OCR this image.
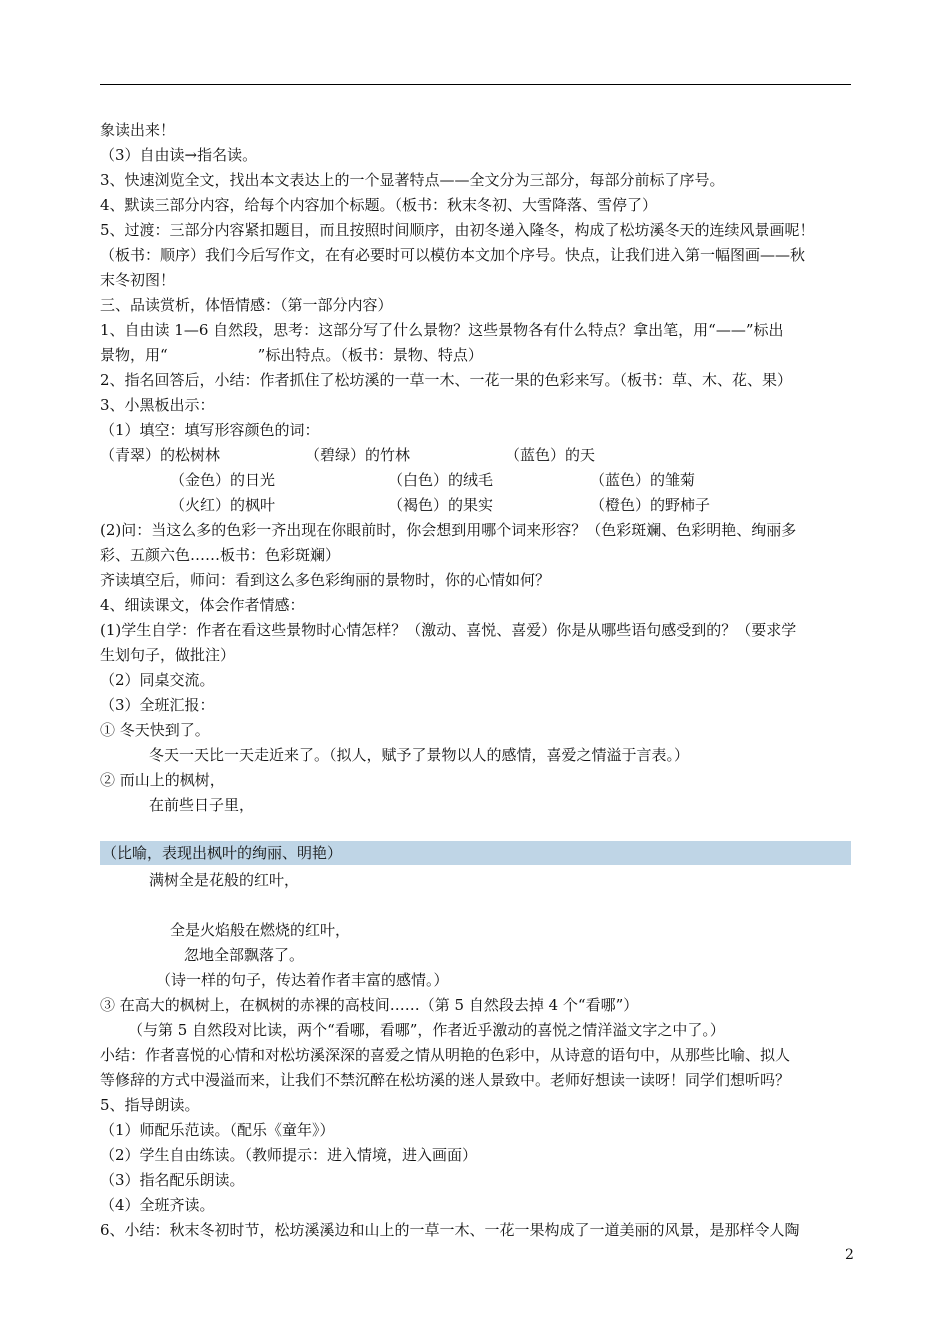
象读出来！
（3）自由读→指名读。
3、快速浏览全文，找出本文表达上的一个显著特点——全文分为三部分，每部分前标了序号。
4、默读三部分内容，给每个内容加个标题。（板书：秋末冬初、大雪降落、雪停了）
5、过渡：三部分内容紧扣题目，而且按照时间顺序，由初冬递入隆冬，构成了松坊溪冬天的连续风景画呢！
（板书：顺序）我们今后写作文，在有必要时可以模仿本文加个序号。快点，让我们进入第一幅图画——秋
末冬初图！
三、品读赏析，体悟情感：（第一部分内容）
1、自由读 1—6 自然段，思考：这部分写了什么景物？这些景物各有什么特点？拿出笔，用“——”标出
景物，用“　　　　　　”标出特点。（板书：景物、特点）
2、指名回答后，小结：作者抓住了松坊溪的一草一木、一花一果的色彩来写。（板书：草、木、花、果）
3、小黑板出示：
（1）填空：填写形容颜色的词：
（青翠）的松树林	（碧绿）的竹林	（蓝色）的天
（金色）的日光	（白色）的绒毛	（蓝色）的雏菊
（火红）的枫叶	（褐色）的果实	（橙色）的野柿子
(2)问：当这么多的色彩一齐出现在你眼前时，你会想到用哪个词来形容？（色彩斑斓、色彩明艳、绚丽多
彩、五颜六色……板书：色彩斑斓）
齐读填空后，师问：看到这么多色彩绚丽的景物时，你的心情如何？
4、细读课文，体会作者情感：
(1)学生自学：作者在看这些景物时心情怎样？（激动、喜悦、喜爱）你是从哪些语句感受到的？（要求学
生划句子，做批注）
（2）同桌交流。
（3）全班汇报：
① 冬天快到了。
冬天一天比一天走近来了。（拟人，赋予了景物以人的感情，喜爱之情溢于言表。）
② 而山上的枫树，
在前些日子里，
（比喻，表现出枫叶的绚丽、明艳）
满树全是花般的红叶，
全是火焰般在燃烧的红叶，
忽地全部飘落了。
（诗一样的句子，传达着作者丰富的感情。）
③ 在高大的枫树上，在枫树的赤裸的高枝间……（第 5 自然段去掉 4 个“看哪”）
（与第 5 自然段对比读，两个“看哪，看哪”，作者近乎激动的喜悦之情洋溢文字之中了。）
小结：作者喜悦的心情和对松坊溪深深的喜爱之情从明艳的色彩中，从诗意的语句中，从那些比喻、拟人
等修辞的方式中漫溢而来，让我们不禁沉醉在松坊溪的迷人景致中。老师好想读一读呀！同学们想听吗？
5、指导朗读。
（1）师配乐范读。（配乐《童年》）
（2）学生自由练读。（教师提示：进入情境，进入画面）
（3）指名配乐朗读。
（4）全班齐读。
6、小结：秋末冬初时节，松坊溪溪边和山上的一草一木、一花一果构成了一道美丽的风景，是那样令人陶
2
